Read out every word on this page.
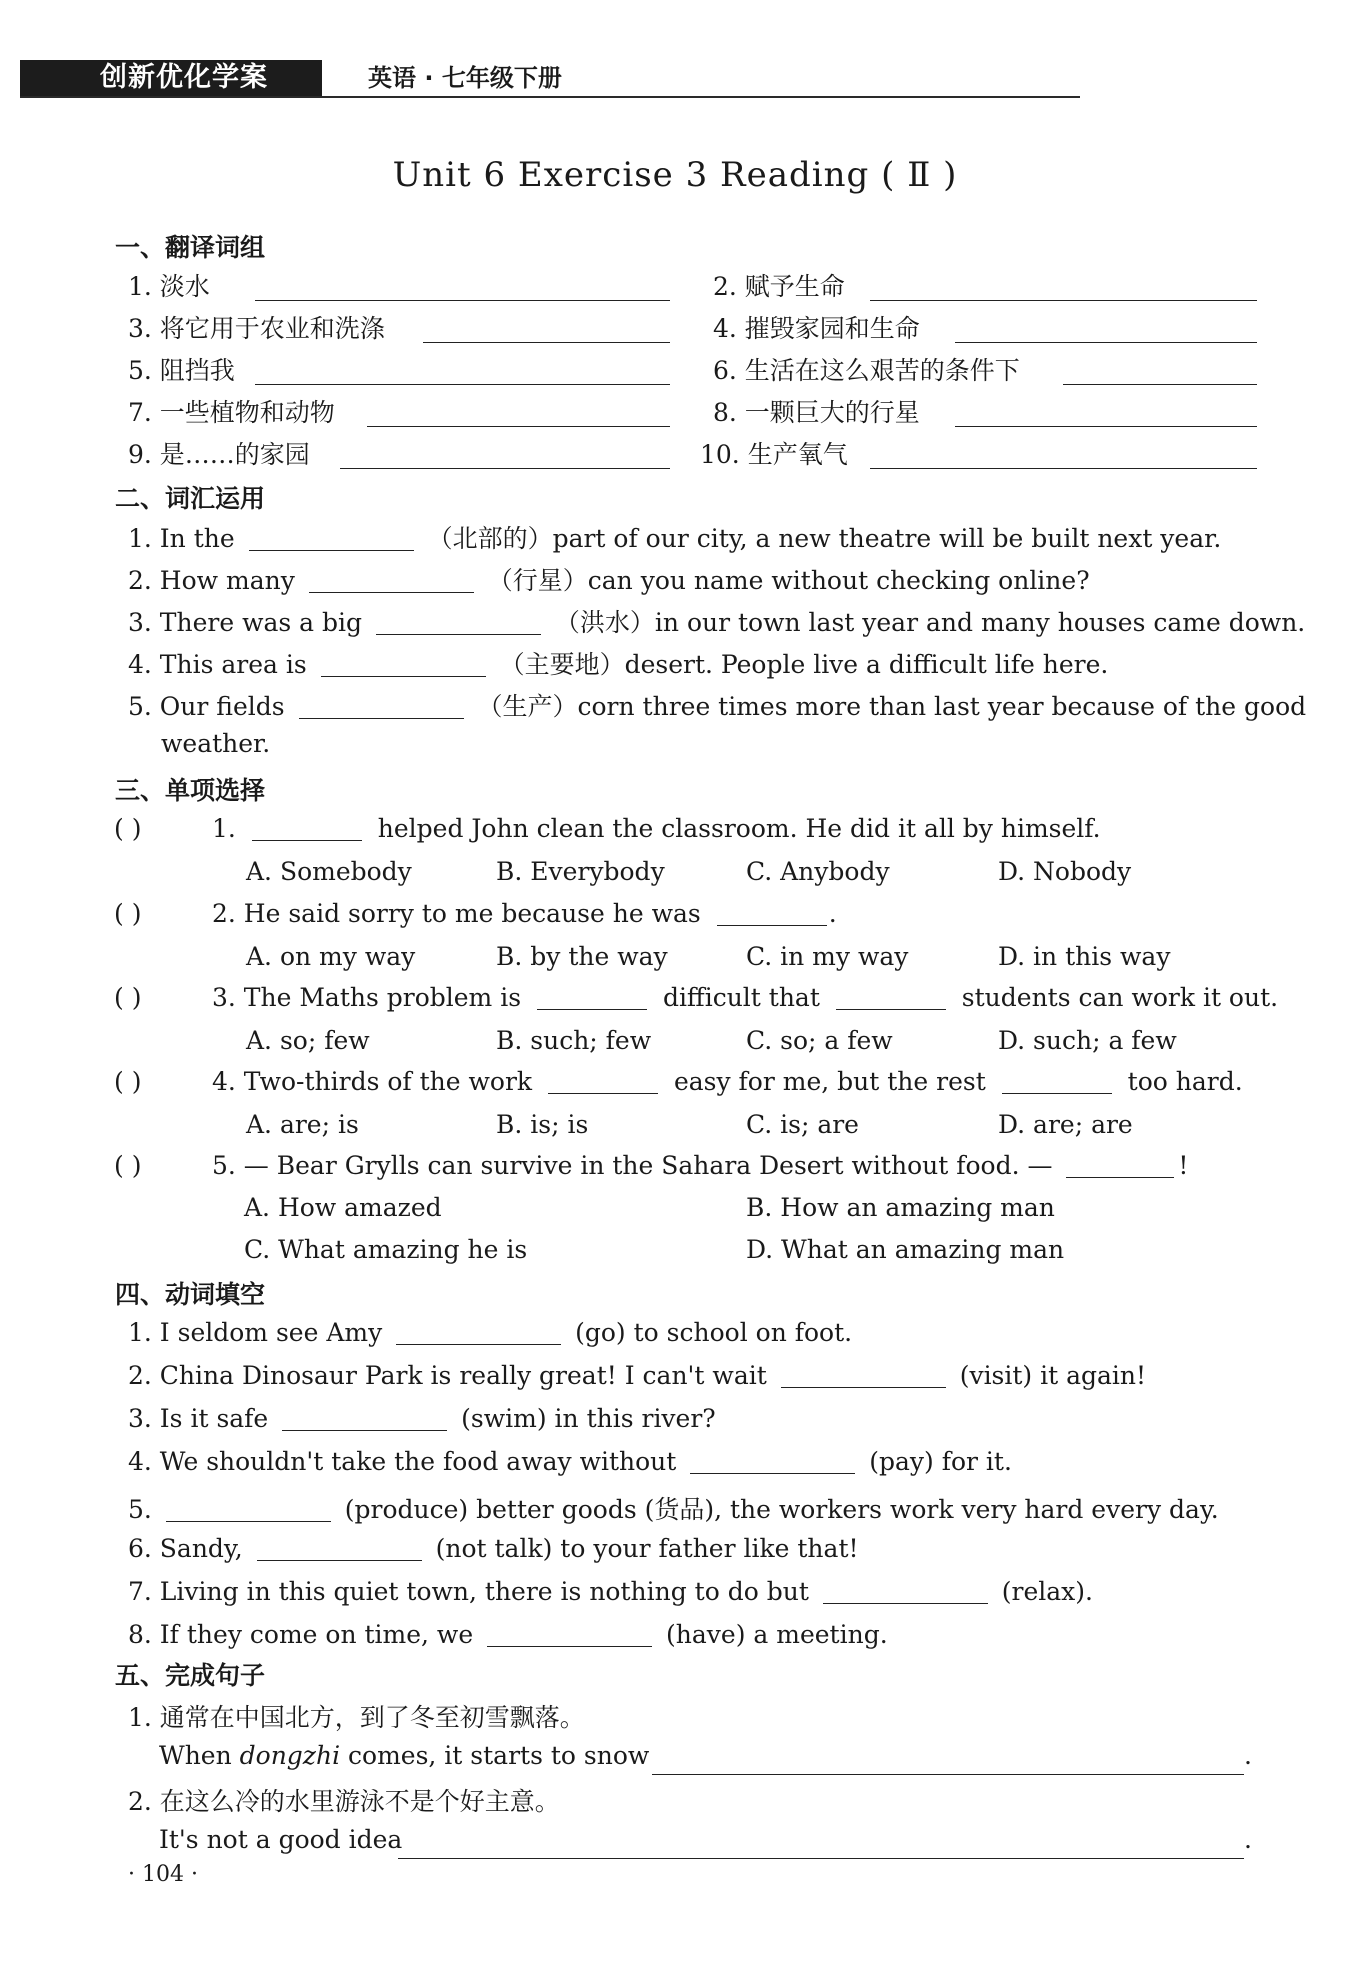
创新优化学案	英语 · 七年级下册
Unit 6 Exercise 3 Reading ( Ⅱ )
一、翻译词组
1. 淡水	2. 赋予生命
3. 将它用于农业和洗涤	4. 摧毁家园和生命
5. 阻挡我	6. 生活在这么艰苦的条件下
7. 一些植物和动物	8. 一颗巨大的行星
9. 是……的家园	10. 生产氧气
二、词汇运用
1. In the	（北部的）part of our city, a new theatre will be built next year.
2. How many	（行星）can you name without checking online?
3. There was a big	（洪水）in our town last year and many houses came down.
4. This area is	（主要地）desert. People live a difficult life here.
5. Our fields	（生产）corn three times more than last year because of the good
weather.
三、单项选择
( )	1.	helped John clean the classroom. He did it all by himself.
A. Somebody	B. Everybody	C. Anybody	D. Nobody
( )	2. He said sorry to me because he was	.
A. on my way	B. by the way	C. in my way	D. in this way
( )	3. The Maths problem is	difficult that	students can work it out.
A. so; few	B. such; few	C. so; a few	D. such; a few
( )	4. Two-thirds of the work	easy for me, but the rest	too hard.
A. are; is	B. is; is	C. is; are	D. are; are
( )	5. — Bear Grylls can survive in the Sahara Desert without food. —	!
A. How amazed	B. How an amazing man
C. What amazing he is	D. What an amazing man
四、动词填空
1. I seldom see Amy	(go) to school on foot.
2. China Dinosaur Park is really great! I can't wait	(visit) it again!
3. Is it safe	(swim) in this river?
4. We shouldn't take the food away without	(pay) for it.
5.	(produce) better goods (货品), the workers work very hard every day.
6. Sandy,	(not talk) to your father like that!
7. Living in this quiet town, there is nothing to do but	(relax).
8. If they come on time, we	(have) a meeting.
五、完成句子
1. 通常在中国北方，到了冬至初雪飘落。
When dongzhi comes, it starts to snow	.
2. 在这么冷的水里游泳不是个好主意。
It's not a good idea	.
· 104 ·
